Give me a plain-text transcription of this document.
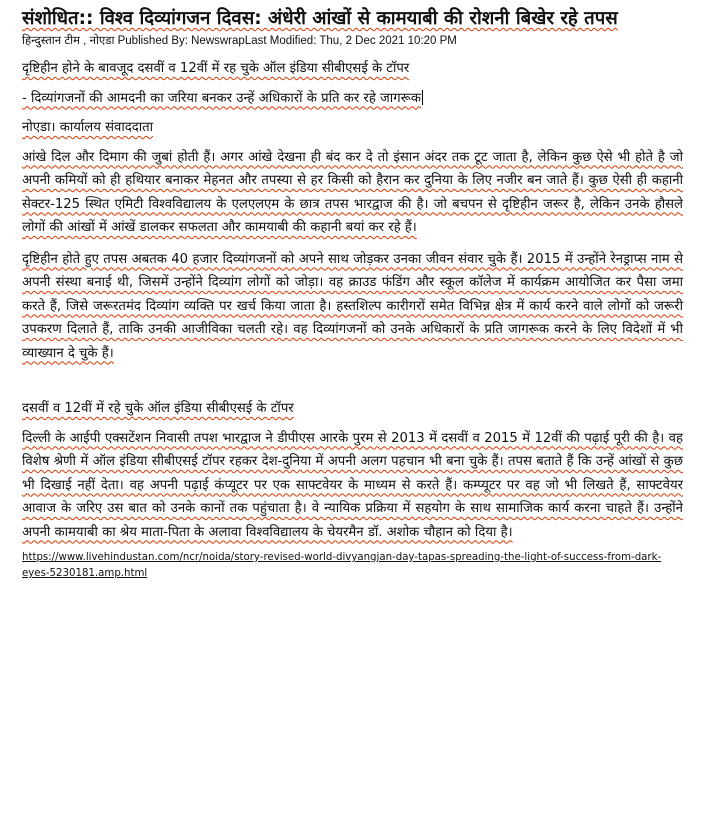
संशोधित:: विश्व दिव्यांगजन दिवस: अंधेरी आंखों से कामयाबी की रोशनी बिखेर रहे तपस

हिन्दुस्तान टीम , नोएडा Published By: NewswrapLast Modified: Thu, 2 Dec 2021 10:20 PM

दृष्टिहीन होने के बावजूद दसवीं व 12वीं में रह चुके ऑल इंडिया सीबीएसई के टॉपर

- दिव्यांगजनों की आमदनी का जरिया बनकर उन्हें अधिकारों के प्रति कर रहे जागरूक

नोएडा। कार्यालय संवाददाता

आंखे दिल और दिमाग की जुबां होती हैं। अगर आंखे देखना ही बंद कर दे तो इंसान अंदर तक टूट जाता है, लेकिन कुछ ऐसे भी होते है जो अपनी कमियों को ही हथियार बनाकर मेहनत और तपस्या से हर किसी को हैरान कर दुनिया के लिए नजीर बन जाते हैं। कुछ ऐसी ही कहानी सेक्टर-125 स्थित एमिटी विश्वविद्यालय के एलएलएम के छात्र तपस भारद्वाज की है। जो बचपन से दृष्टिहीन जरूर है, लेकिन उनके हौसले लोगों की आंखों में आंखें डालकर सफलता और कामयाबी की कहानी बयां कर रहे हैं।

दृष्टिहीन होते हुए तपस अबतक 40 हजार दिव्यांगजनों को अपने साथ जोड़कर उनका जीवन संवार चुके हैं। 2015 में उन्होंने रेनड्राप्स नाम से अपनी संस्था बनाई थी, जिसमें उन्होंने दिव्यांग लोगों को जोड़ा। वह क्राउड फंडिंग और स्कूल कॉलेज में कार्यक्रम आयोजित कर पैसा जमा करते हैं, जिसे जरूरतमंद दिव्यांग व्यक्ति पर खर्च किया जाता है। हस्तशिल्प कारीगरों समेत विभिन्न क्षेत्र में कार्य करने वाले लोगों को जरूरी उपकरण दिलाते हैं, ताकि उनकी आजीविका चलती रहे। वह दिव्यांगजनों को उनके अधिकारों के प्रति जागरूक करने के लिए विदेशों में भी व्याख्यान दे चुके हैं।

दसवीं व 12वीं में रहे चुके ऑल इंडिया सीबीएसई के टॉपर

दिल्ली के आईपी एक्सटेंशन निवासी तपश भारद्वाज ने डीपीएस आरके पुरम से 2013 में दसवीं व 2015 में 12वीं की पढ़ाई पूरी की है। वह विशेष श्रेणी में ऑल इंडिया सीबीएसई टॉपर रहकर देश-दुनिया में अपनी अलग पहचान भी बना चुके हैं। तपस बताते हैं कि उन्हें आंखों से कुछ भी दिखाई नहीं देता। वह अपनी पढ़ाई कंप्यूटर पर एक साफ्टवेयर के माध्यम से करते हैं। कम्प्यूटर पर वह जो भी लिखते हैं, साफ्टवेयर आवाज के जरिए उस बात को उनके कानों तक पहुंचाता है। वे न्यायिक प्रक्रिया में सहयोग के साथ सामाजिक कार्य करना चाहते हैं। उन्होंने अपनी कामयाबी का श्रेय माता-पिता के अलावा विश्वविद्यालय के चेयरमैन डॉ. अशोक चौहान को दिया है।

https://www.livehindustan.com/ncr/noida/story-revised-world-divyangjan-day-tapas-spreading-the-light-of-success-from-dark-eyes-5230181.amp.html
